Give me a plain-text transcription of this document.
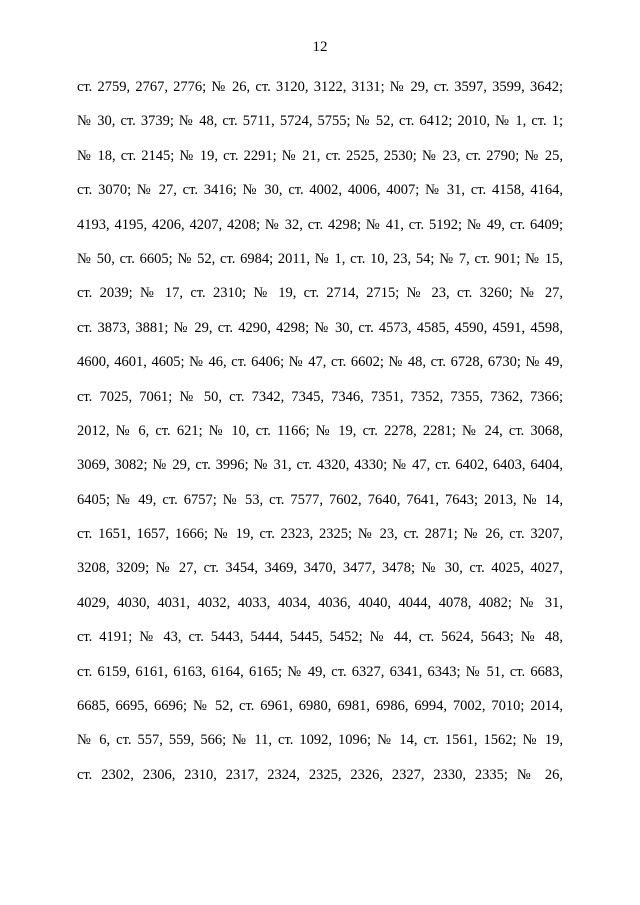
12
ст. 2759, 2767, 2776; № 26, ст. 3120, 3122, 3131; № 29, ст. 3597, 3599, 3642;
№ 30, ст. 3739; № 48, ст. 5711, 5724, 5755; № 52, ст. 6412; 2010, № 1, ст. 1;
№ 18, ст. 2145; № 19, ст. 2291; № 21, ст. 2525, 2530; № 23, ст. 2790; № 25,
ст. 3070; № 27, ст. 3416; № 30, ст. 4002, 4006, 4007; № 31, ст. 4158, 4164,
4193, 4195, 4206, 4207, 4208; № 32, ст. 4298; № 41, ст. 5192; № 49, ст. 6409;
№ 50, ст. 6605; № 52, ст. 6984; 2011, № 1, ст. 10, 23, 54; № 7, ст. 901; № 15,
ст. 2039; № 17, ст. 2310; № 19, ст. 2714, 2715; № 23, ст. 3260; № 27,
ст. 3873, 3881; № 29, ст. 4290, 4298; № 30, ст. 4573, 4585, 4590, 4591, 4598,
4600, 4601, 4605; № 46, ст. 6406; № 47, ст. 6602; № 48, ст. 6728, 6730; № 49,
ст. 7025, 7061; № 50, ст. 7342, 7345, 7346, 7351, 7352, 7355, 7362, 7366;
2012, № 6, ст. 621; № 10, ст. 1166; № 19, ст. 2278, 2281; № 24, ст. 3068,
3069, 3082; № 29, ст. 3996; № 31, ст. 4320, 4330; № 47, ст. 6402, 6403, 6404,
6405; № 49, ст. 6757; № 53, ст. 7577, 7602, 7640, 7641, 7643; 2013, № 14,
ст. 1651, 1657, 1666; № 19, ст. 2323, 2325; № 23, ст. 2871; № 26, ст. 3207,
3208, 3209; № 27, ст. 3454, 3469, 3470, 3477, 3478; № 30, ст. 4025, 4027,
4029, 4030, 4031, 4032, 4033, 4034, 4036, 4040, 4044, 4078, 4082; № 31,
ст. 4191; № 43, ст. 5443, 5444, 5445, 5452; № 44, ст. 5624, 5643; № 48,
ст. 6159, 6161, 6163, 6164, 6165; № 49, ст. 6327, 6341, 6343; № 51, ст. 6683,
6685, 6695, 6696; № 52, ст. 6961, 6980, 6981, 6986, 6994, 7002, 7010; 2014,
№ 6, ст. 557, 559, 566; № 11, ст. 1092, 1096; № 14, ст. 1561, 1562; № 19,
ст. 2302, 2306, 2310, 2317, 2324, 2325, 2326, 2327, 2330, 2335; № 26,
